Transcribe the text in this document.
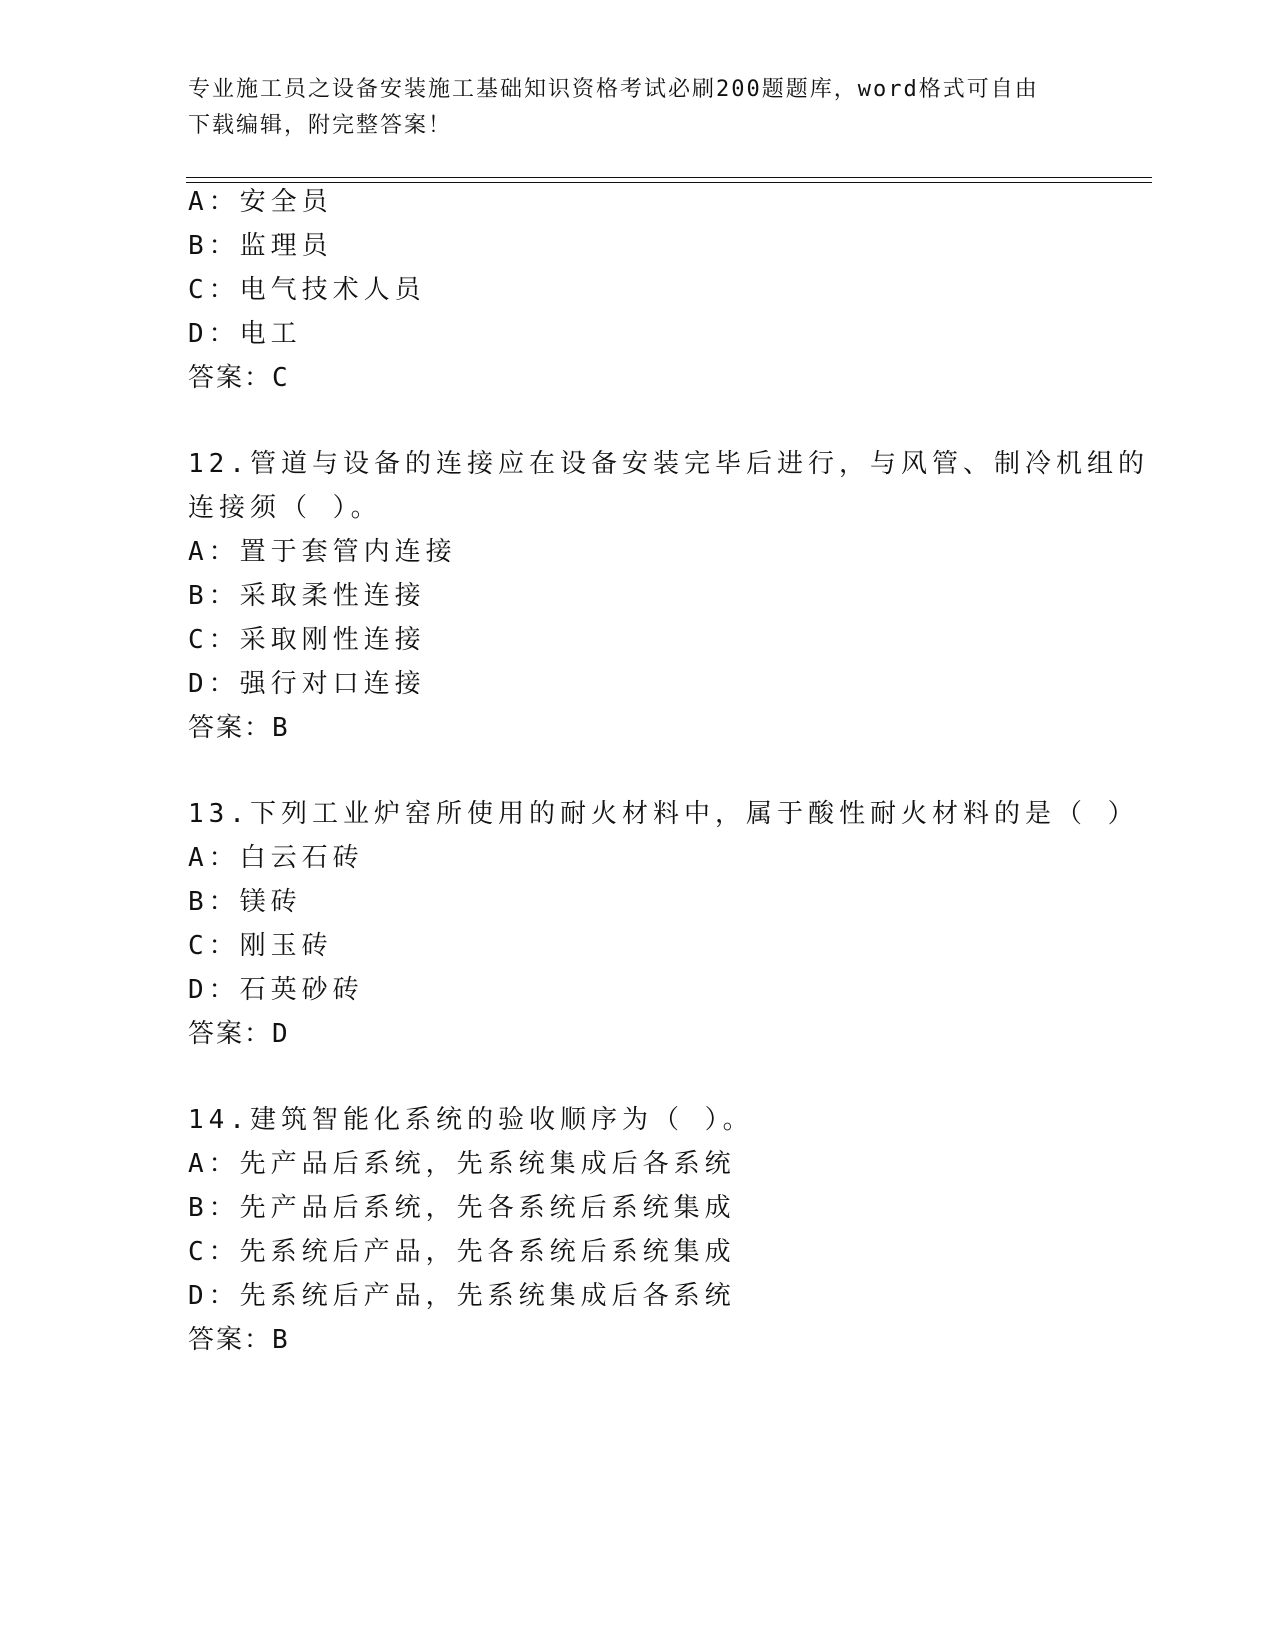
专业施工员之设备安装施工基础知识资格考试必刷200题题库，word格式可自由
下载编辑，附完整答案！
A：安全员
B：监理员
C：电气技术人员
D：电工
答案：C
12.管道与设备的连接应在设备安装完毕后进行，与风管、制冷机组的
连接须（ ）。
A：置于套管内连接
B：采取柔性连接
C：采取刚性连接
D：强行对口连接
答案：B
13.下列工业炉窑所使用的耐火材料中，属于酸性耐火材料的是（ ）
A：白云石砖
B：镁砖
C：刚玉砖
D：石英砂砖
答案：D
14.建筑智能化系统的验收顺序为（ ）。
A：先产品后系统，先系统集成后各系统
B：先产品后系统，先各系统后系统集成
C：先系统后产品，先各系统后系统集成
D：先系统后产品，先系统集成后各系统
答案：B
